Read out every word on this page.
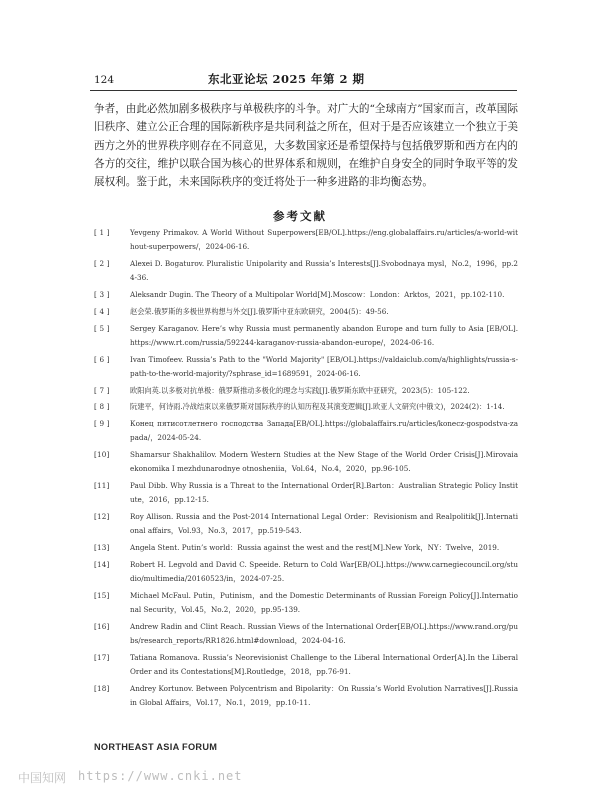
124	东北亚论坛 2025 年第 2 期
争者，由此必然加剧多极秩序与单极秩序的斗争。对广大的“全球南方”国家而言，改革国际旧秩序、建立公正合理的国际新秩序是共同利益之所在，但对于是否应该建立一个独立于美西方之外的世界秩序则存在不同意见，大多数国家还是希望保持与包括俄罗斯和西方在内的各方的交往，维护以联合国为核心的世界体系和规则，在维护自身安全的同时争取平等的发展权利。鉴于此，未来国际秩序的变迁将处于一种多进路的非均衡态势。
参考文献
[ 1 ]	Yevgeny Primakov. A World Without Superpowers[EB/OL].https://eng.globalaffairs.ru/articles/a-world-without-superpowers/，2024-06-16.
[ 2 ]	Alexei D. Bogaturov. Pluralistic Unipolarity and Russia’s Interests[J].Svobodnaya mysl，No.2，1996，pp.24-36.
[ 3 ]	Aleksandr Dugin. The Theory of a Multipolar World[M].Moscow：London：Arktos，2021，pp.102-110.
[ 4 ]	赵会荣.俄罗斯的多极世界构想与外交[J].俄罗斯中亚东欧研究，2004(5)：49-56.
[ 5 ]	Sergey Karaganov. Here’s why Russia must permanently abandon Europe and turn fully to Asia [EB/OL]. https://www.rt.com/russia/592244-karaganov-russia-abandon-europe/，2024-06-16.
[ 6 ]	Ivan Timofeev. Russia’s Path to the "World Majority" [EB/OL].https://valdaiclub.com/a/highlights/russia-s-path-to-the-world-majority/?sphrase_id=1689591，2024-06-16.
[ 7 ]	欧阳向英.以多极对抗单极：俄罗斯推动多极化的理念与实践[J].俄罗斯东欧中亚研究，2023(5)：105-122.
[ 8 ]	阮建平，何诗雨.冷战结束以来俄罗斯对国际秩序的认知历程及其演变逻辑[J].欧亚人文研究(中俄文)，2024(2)：1-14.
[ 9 ]	Конец пятисотлетнего господства Запада[EB/OL].https://globalaffairs.ru/articles/konecz-gospodstva-zapada/，2024-05-24.
[10]	Shamarsur Shakhalilov. Modern Western Studies at the New Stage of the World Order Crisis[J].Mirovaia ekonomika I mezhdunarodnye otnosheniia，Vol.64，No.4，2020，pp.96-105.
[11]	Paul Dibb. Why Russia is a Threat to the International Order[R].Barton：Australian Strategic Policy Institute，2016，pp.12-15.
[12]	Roy Allison. Russia and the Post-2014 International Legal Order：Revisionism and Realpolitik[J].International affairs，Vol.93，No.3，2017，pp.519-543.
[13]	Angela Stent. Putin’s world：Russia against the west and the rest[M].New York，NY：Twelve，2019.
[14]	Robert H. Legvold and David C. Speeide. Return to Cold War[EB/OL].https://www.carnegiecouncil.org/studio/multimedia/20160523/in，2024-07-25.
[15]	Michael McFaul. Putin，Putinism，and the Domestic Determinants of Russian Foreign Policy[J].International Security，Vol.45，No.2，2020，pp.95-139.
[16]	Andrew Radin and Clint Reach. Russian Views of the International Order[EB/OL].https://www.rand.org/pubs/research_reports/RR1826.html#download，2024-04-16.
[17]	Tatiana Romanova. Russia’s Neorevisionist Challenge to the Liberal International Order[A].In the Liberal Order and its Contestations[M].Routledge，2018，pp.76-91.
[18]	Andrey Kortunov. Between Polycentrism and Bipolarity：On Russia’s World Evolution Narratives[J].Russia in Global Affairs，Vol.17，No.1，2019，pp.10-11.
NORTHEAST ASIA FORUM
中国知网 https://www.cnki.net
